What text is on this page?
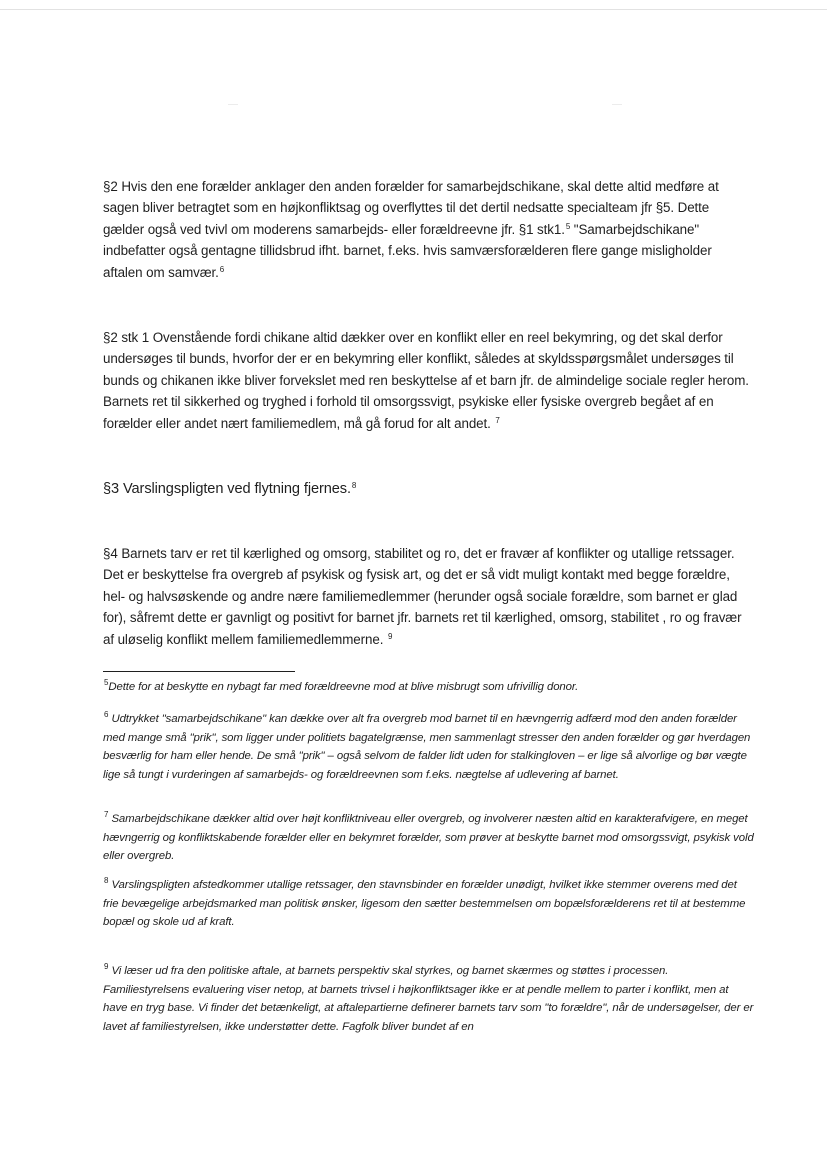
§2 Hvis den ene forælder anklager den anden forælder for samarbejdschikane, skal dette altid medføre at sagen bliver betragtet som en højkonfliktsag og overflyttes til det dertil nedsatte specialteam jfr §5. Dette gælder også ved tvivl om moderens samarbejds- eller forældreevne jfr. §1 stk1.$^5$ "Samarbejdschikane" indbefatter også gentagne tillidsbrud ifht. barnet, f.eks. hvis samværsforælderen flere gange misligholder aftalen om samvær.$^6$

§2 stk 1 Ovenstående fordi chikane altid dækker over en konflikt eller en reel bekymring, og det skal derfor undersøges til bunds, hvorfor der er en bekymring eller konflikt, således at skyldsspørgsmålet undersøges til bunds og chikanen ikke bliver forvekslet med ren beskyttelse af et barn jfr. de almindelige sociale regler herom. Barnets ret til sikkerhed og tryghed i forhold til omsorgssvigt, psykiske eller fysiske overgreb begået af en forælder eller andet nært familiemedlem, må gå forud for alt andet. $^7$

§3 Varslingspligten ved flytning fjernes.$^8$

§4 Barnets tarv er ret til kærlighed og omsorg, stabilitet og ro, det er fravær af konflikter og utallige retssager. Det er beskyttelse fra overgreb af psykisk og fysisk art, og det er så vidt muligt kontakt med begge forældre, hel- og halvsøskende og andre nære familiemedlemmer (herunder også sociale forældre, som barnet er glad for), såfremt dette er gavnligt og positivt for barnet jfr. barnets ret til kærlighed, omsorg, stabilitet , ro og fravær af uløselig konflikt mellem familiemedlemmerne. $^9$

$^5$Dette for at beskytte en nybagt far med forældreevne mod at blive misbrugt som ufrivillig donor.

$^6$ Udtrykket "samarbejdschikane" kan dække over alt fra overgreb mod barnet til en hævngerrig adfærd mod den anden forælder med mange små "prik", som ligger under politiets bagatelgrænse, men sammenlagt stresser den anden forælder og gør hverdagen besværlig for ham eller hende. De små "prik" – også selvom de falder lidt uden for stalkingloven – er lige så alvorlige og bør vægte lige så tungt i vurderingen af samarbejds- og forældreevnen som f.eks. nægtelse af udlevering af barnet.

$^7$ Samarbejdschikane dækker altid over højt konfliktniveau eller overgreb, og involverer næsten altid en karakterafvigere, en meget hævngerrig og konfliktskabende forælder eller en bekymret forælder, som prøver at beskytte barnet mod omsorgssvigt, psykisk vold eller overgreb.

$^8$ Varslingspligten afstedkommer utallige retssager, den stavnsbinder en forælder unødigt, hvilket ikke stemmer overens med det frie bevægelige arbejdsmarked man politisk ønsker, ligesom den sætter bestemmelsen om bopælsforælderens ret til at bestemme bopæl og skole ud af kraft.

$^9$ Vi læser ud fra den politiske aftale, at barnets perspektiv skal styrkes, og barnet skærmes og støttes i processen. Familiestyrelsens evaluering viser netop, at barnets trivsel i højkonfliktsager ikke er at pendle mellem to parter i konflikt, men at have en tryg base. Vi finder det betænkeligt, at aftalepartierne definerer barnets tarv som "to forældre", når de undersøgelser, der er lavet af familiestyrelsen, ikke understøtter dette. Fagfolk bliver bundet af en
